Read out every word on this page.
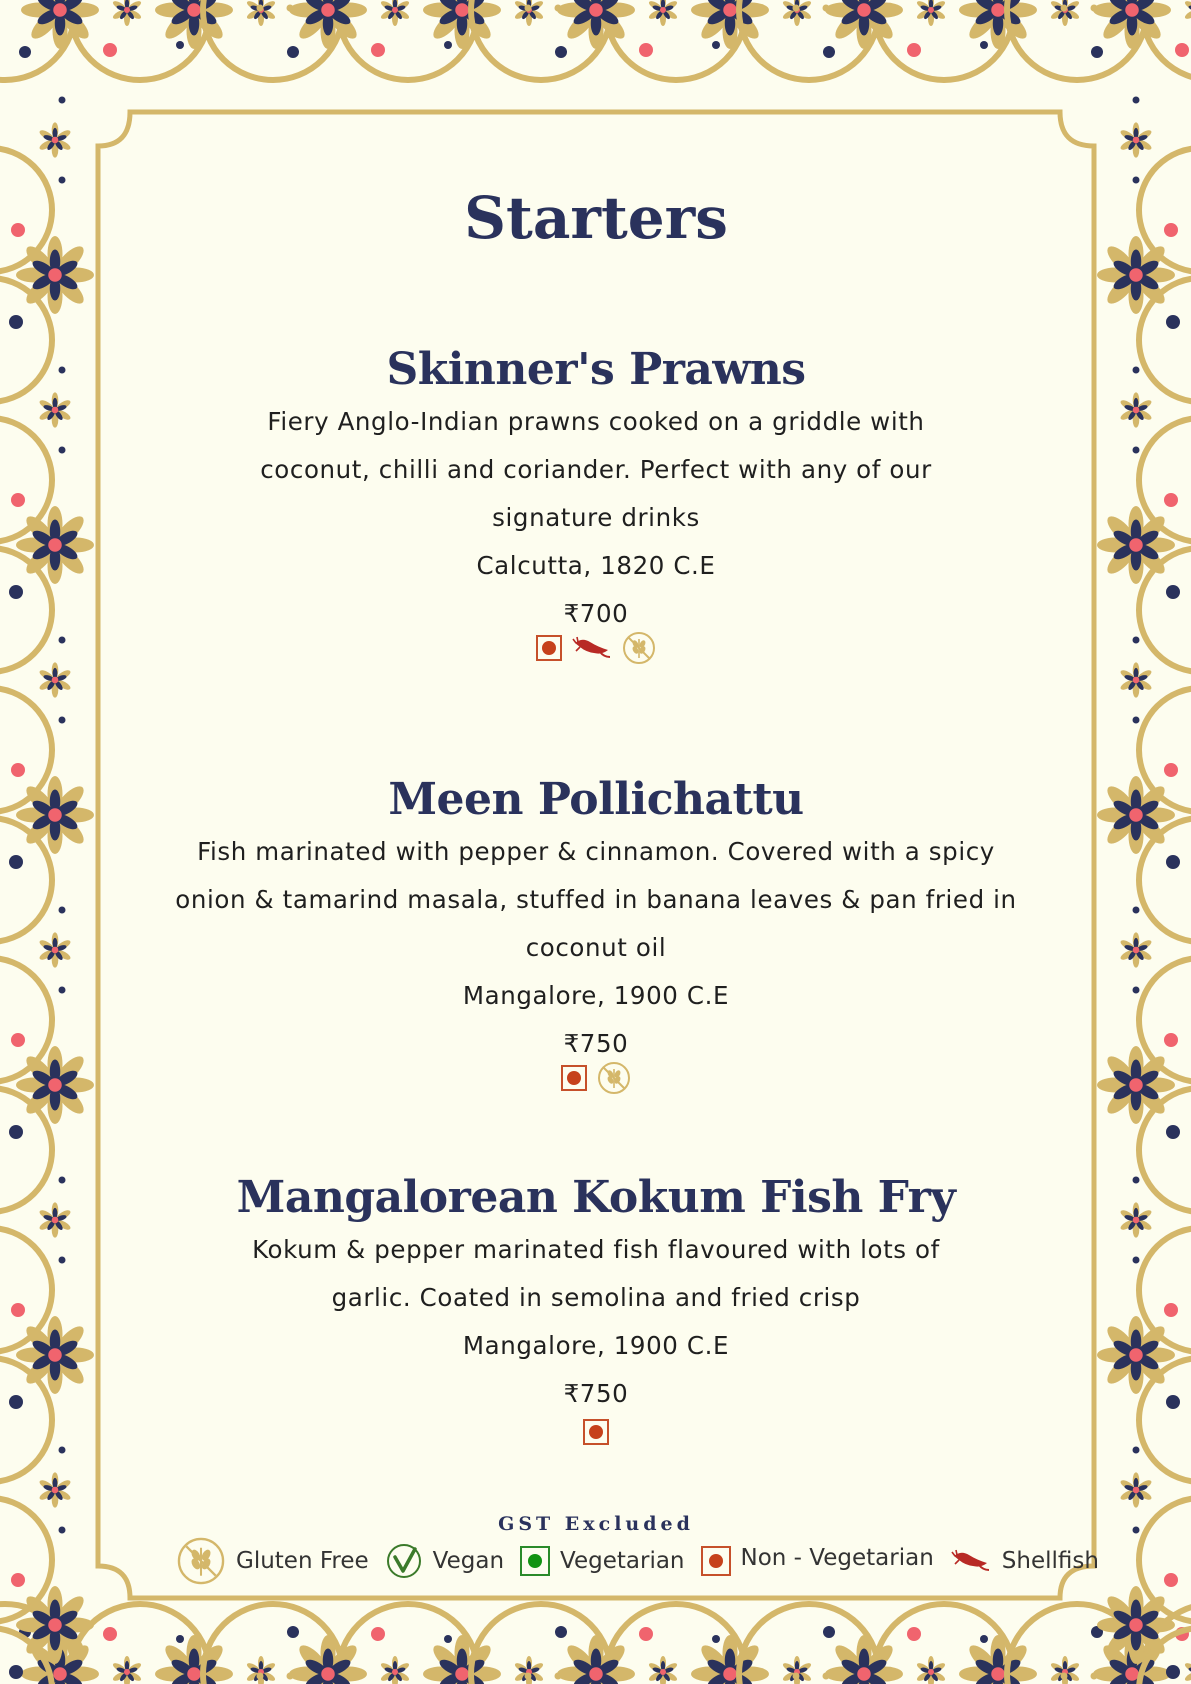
Starters
Skinner's Prawns
Fiery Anglo-Indian prawns cooked on a griddle with
coconut, chilli and coriander. Perfect with any of our
signature drinks
Calcutta, 1820 C.E
₹700
Meen Pollichattu
Fish marinated with pepper & cinnamon. Covered with a spicy
onion & tamarind masala, stuffed in banana leaves & pan fried in
coconut oil
Mangalore, 1900 C.E
₹750
Mangalorean Kokum Fish Fry
Kokum & pepper marinated fish flavoured with lots of
garlic. Coated in semolina and fried crisp
Mangalore, 1900 C.E
₹750
GST Excluded
Gluten Free	Vegan Vegetarian Non - Vegetarian	Shellfish
